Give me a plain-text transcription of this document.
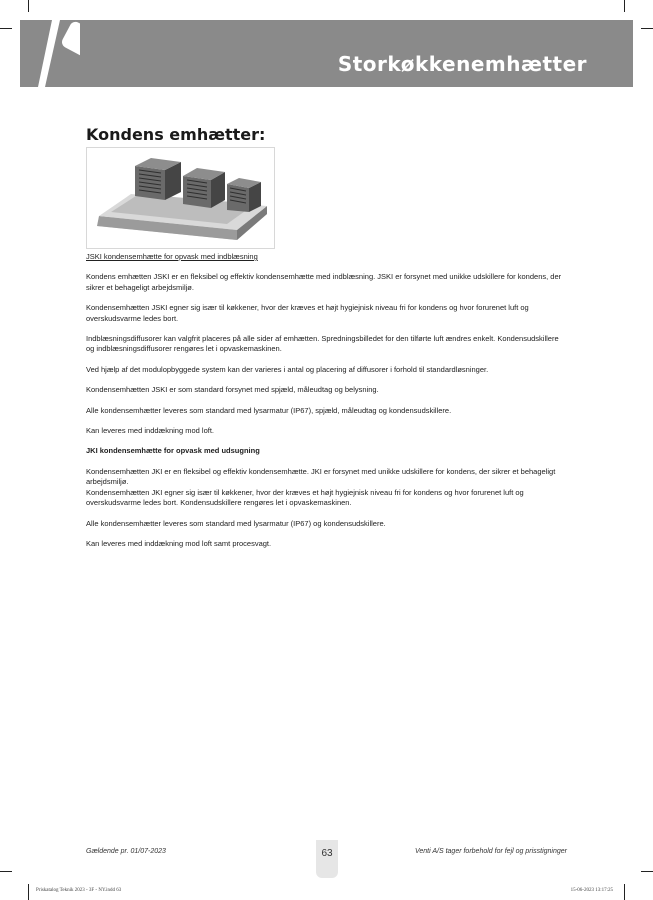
Storkøkkenemhætter
Kondens emhætter:

JSKI kondensemhætte for opvask med indblæsning

Kondens emhætten JSKI er en fleksibel og effektiv kondensemhætte med indblæsning. JSKI er forsynet med unikke udskillere for kondens, der sikrer et behageligt arbejdsmiljø.

Kondensemhætten JSKI egner sig især til køkkener, hvor der kræves et højt hygiejnisk niveau fri for kondens og hvor forurenet luft og overskudsvarme ledes bort.

Indblæsningsdiffusorer kan valgfrit placeres på alle sider af emhætten. Spredningsbilledet for den tilførte luft ændres enkelt. Kondensudskillere og indblæsningsdiffusorer rengøres let i opvaskemaskinen.

Ved hjælp af det modulopbyggede system kan der varieres i antal og placering af diffusorer i forhold til standardløsninger.

Kondensemhætten JSKI er som standard forsynet med spjæld, måleudtag og belysning.

Alle kondensemhætter leveres som standard med lysarmatur (IP67), spjæld, måleudtag og kondensudskillere.

Kan leveres med inddækning mod loft.

JKI kondensemhætte for opvask med udsugning

Kondensemhætten JKI er en fleksibel og effektiv kondensemhætte. JKI er forsynet med unikke udskillere for kondens, der sikrer et behageligt arbejdsmiljø.

Kondensemhætten JKI egner sig især til køkkener, hvor der kræves et højt hygiejnisk niveau fri for kondens og hvor forurenet luft og overskudsvarme ledes bort. Kondensudskillere rengøres let i opvaskemaskinen.

Alle kondensemhætter leveres som standard med lysarmatur (IP67) og kondensudskillere.

Kan leveres med inddækning mod loft samt procesvagt.

Gældende pr. 01/07-2023	63	Venti A/S tager forbehold for fejl og prisstigninger
Priskatalog Teknik 2023 - 3F - NY.indd 63	15-06-2023 13:17:25
